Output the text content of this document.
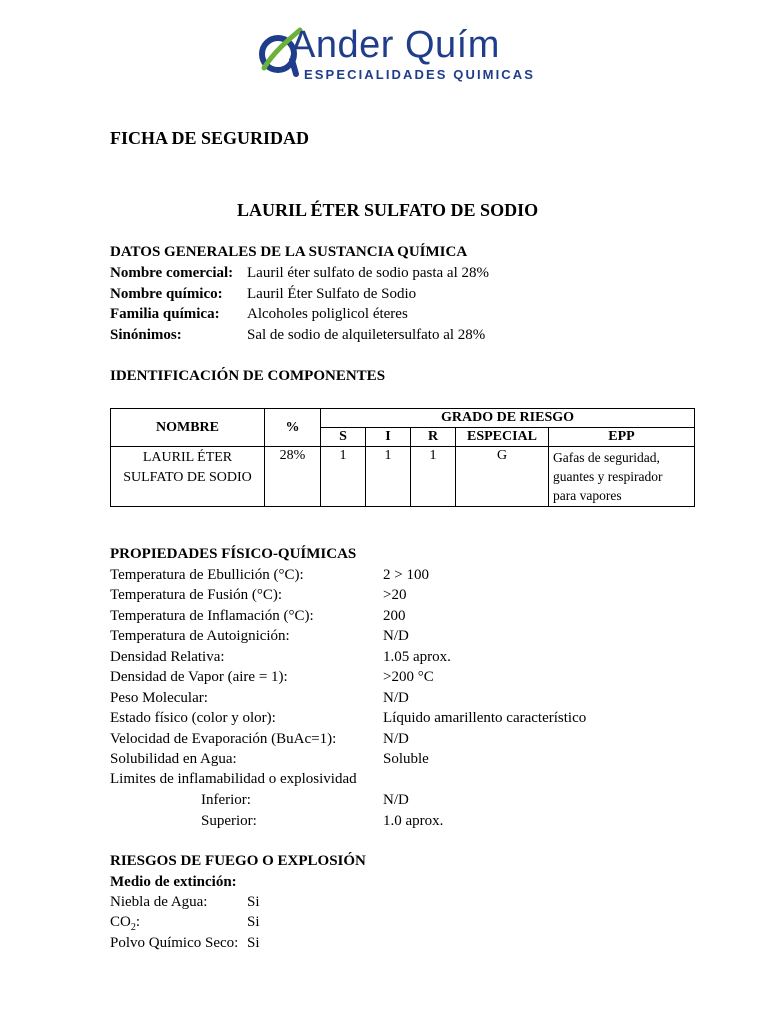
Ander Quím
ESPECIALIDADES QUIMICAS
FICHA DE SEGURIDAD
LAURIL ÉTER SULFATO DE SODIO
DATOS GENERALES DE LA SUSTANCIA QUÍMICA
Nombre comercial: Lauril éter sulfato de sodio pasta al 28%
Nombre químico: Lauril Éter Sulfato de Sodio
Familia química: Alcoholes poliglicol éteres
Sinónimos:	Sal de sodio de alquiletersulfato al 28%
IDENTIFICACIÓN DE COMPONENTES
NOMBRE	%	GRADO DE RIESGO				
		S	I	R	ESPECIAL	EPP
LAURIL ÉTER
SULFATO DE SODIO	28%	1	1	1	G	Gafas de seguridad,
guantes y respirador
para vapores
PROPIEDADES FÍSICO-QUÍMICAS
Temperatura de Ebullición (°C):	2 > 100
Temperatura de Fusión (°C):	>20
Temperatura de Inflamación (°C):	200
Temperatura de Autoignición:	N/D
Densidad Relativa:	1.05 aprox.
Densidad de Vapor (aire = 1):	>200 °C
Peso Molecular:	N/D
Estado físico (color y olor):	Líquido amarillento característico
Velocidad de Evaporación (BuAc=1):	N/D
Solubilidad en Agua:	Soluble
Limites de inflamabilidad o explosividad
Inferior:	N/D
Superior:	1.0 aprox.
RIESGOS DE FUEGO O EXPLOSIÓN
Medio de extinción:
Niebla de Agua:	Si
$CO_2$:	Si
Polvo Químico Seco: Si
